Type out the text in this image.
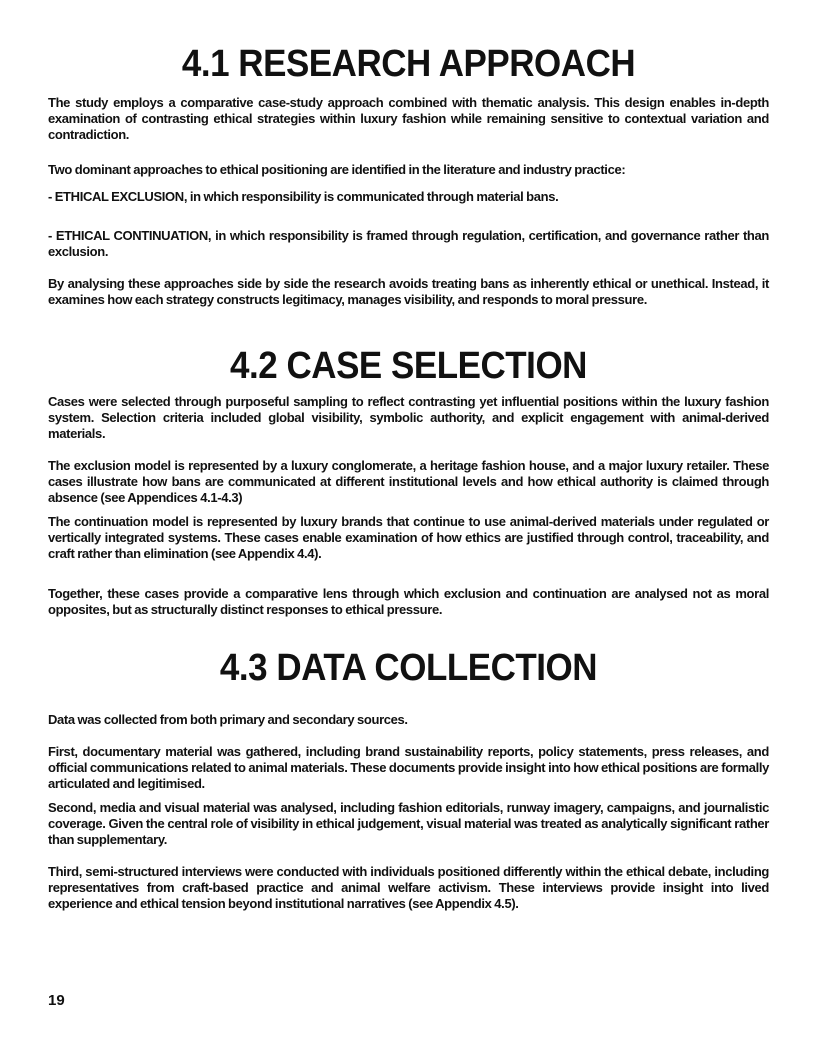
4.1 RESEARCH APPROACH

The study employs a comparative case-study approach combined with thematic analysis. This design enables in-depth examination of contrasting ethical strategies within luxury fashion while remaining sensitive to contextual variation and contradiction.

Two dominant approaches to ethical positioning are identified in the literature and industry practice:

- ETHICAL EXCLUSION, in which responsibility is communicated through material bans.

- ETHICAL CONTINUATION, in which responsibility is framed through regulation, certification, and governance rather than exclusion.

By analysing these approaches side by side the research avoids treating bans as inherently ethical or unethical. Instead, it examines how each strategy constructs legitimacy, manages visibility, and responds to moral pressure.

4.2 CASE SELECTION

Cases were selected through purposeful sampling to reflect contrasting yet influential positions within the luxury fashion system. Selection criteria included global visibility, symbolic authority, and explicit engagement with animal-derived materials.

The exclusion model is represented by a luxury conglomerate, a heritage fashion house, and a major luxury retailer. These cases illustrate how bans are communicated at different institutional levels and how ethical authority is claimed through absence (see Appendices 4.1-4.3)

The continuation model is represented by luxury brands that continue to use animal-derived materials under regulated or vertically integrated systems. These cases enable examination of how ethics are justified through control, traceability, and craft rather than elimination (see Appendix 4.4).

Together, these cases provide a comparative lens through which exclusion and continuation are analysed not as moral opposites, but as structurally distinct responses to ethical pressure.

4.3 DATA COLLECTION

Data was collected from both primary and secondary sources.

First, documentary material was gathered, including brand sustainability reports, policy statements, press releases, and official communications related to animal materials. These documents provide insight into how ethical positions are formally articulated and legitimised.

Second, media and visual material was analysed, including fashion editorials, runway imagery, campaigns, and journalistic coverage. Given the central role of visibility in ethical judgement, visual material was treated as analytically significant rather than supplementary.

Third, semi-structured interviews were conducted with individuals positioned differently within the ethical debate, including representatives from craft-based practice and animal welfare activism. These interviews provide insight into lived experience and ethical tension beyond institutional narratives (see Appendix 4.5).

19
